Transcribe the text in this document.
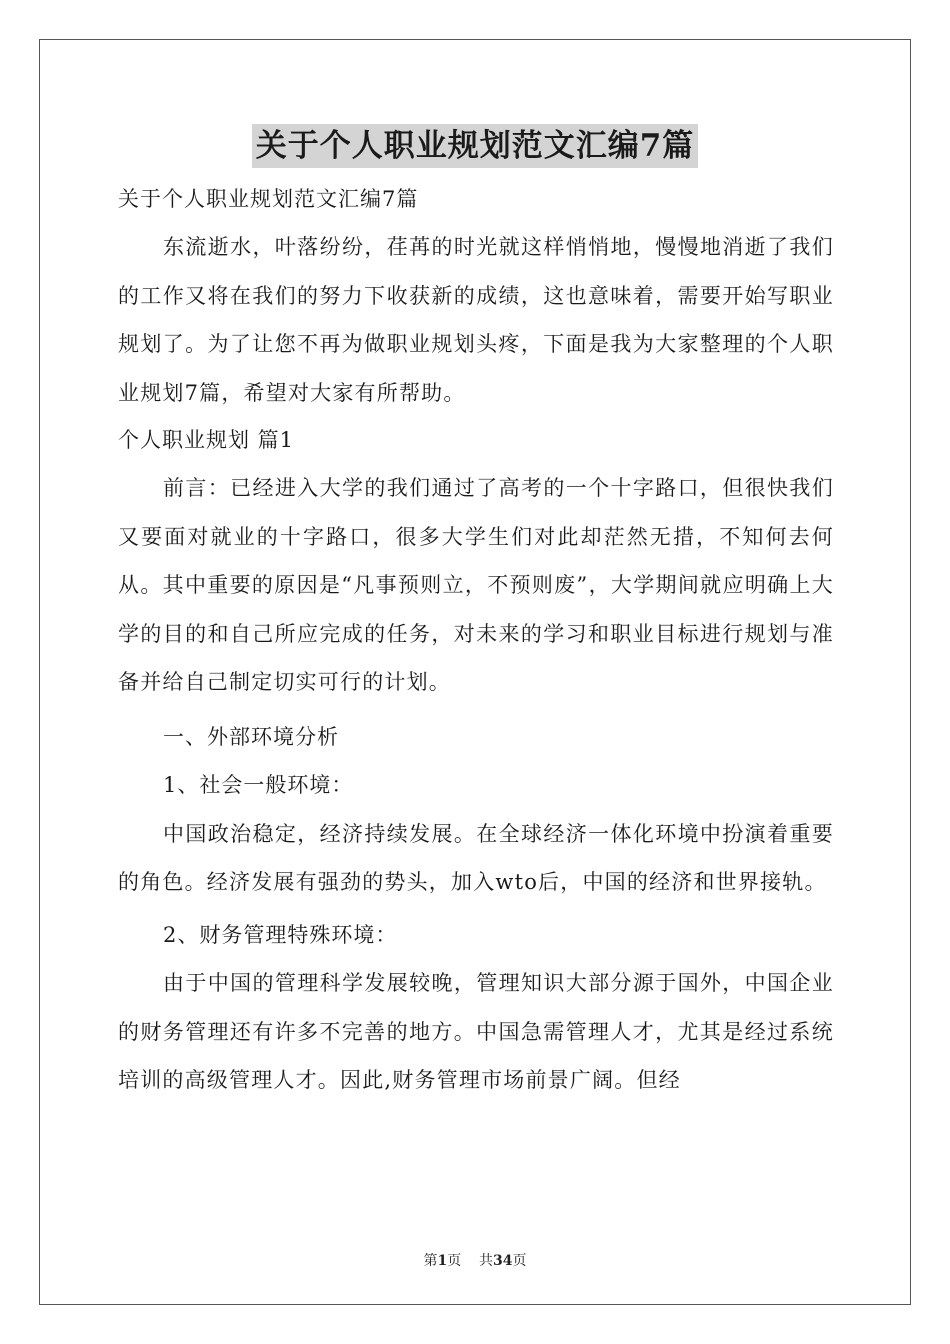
关于个人职业规划范文汇编7篇
关于个人职业规划范文汇编7篇

东流逝水，叶落纷纷，荏苒的时光就这样悄悄地，慢慢地消逝了我们的工作又将在我们的努力下收获新的成绩，这也意味着，需要开始写职业规划了。为了让您不再为做职业规划头疼，下面是我为大家整理的个人职业规划7篇，希望对大家有所帮助。

个人职业规划 篇1

前言：已经进入大学的我们通过了高考的一个十字路口，但很快我们又要面对就业的十字路口，很多大学生们对此却茫然无措，不知何去何从。其中重要的原因是“凡事预则立，不预则废”，大学期间就应明确上大学的目的和自己所应完成的任务，对未来的学习和职业目标进行规划与准备并给自己制定切实可行的计划。

一、外部环境分析
1、社会一般环境：

中国政治稳定，经济持续发展。在全球经济一体化环境中扮演着重要的角色。经济发展有强劲的势头，加入wto后，中国的经济和世界接轨。

2、财务管理特殊环境：

由于中国的管理科学发展较晚，管理知识大部分源于国外，中国企业的财务管理还有许多不完善的地方。中国急需管理人才，尤其是经过系统培训的高级管理人才。因此,财务管理市场前景广阔。但经

第1页 共34页
